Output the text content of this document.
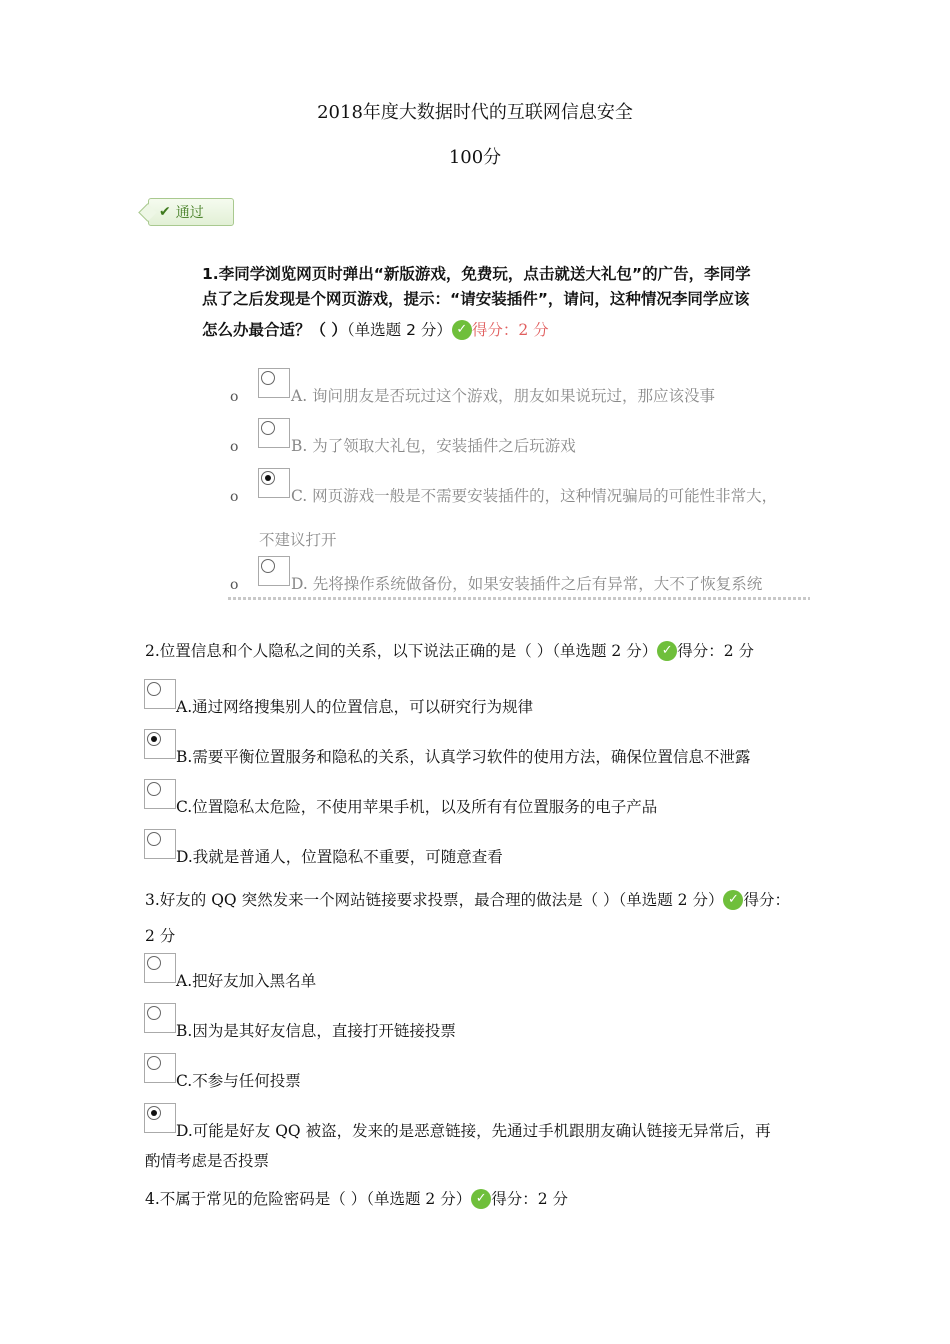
2018年度大数据时代的互联网信息安全
100分
✔ 通过
1.李同学浏览网页时弹出“新版游戏，免费玩，点击就送大礼包”的广告，李同学
点了之后发现是个网页游戏，提示：“请安装插件”，请问，这种情况李同学应该
怎么办最合适？（ ）（单选题 2 分） ✓ 得分：2 分
o	A. 询问朋友是否玩过这个游戏，朋友如果说玩过，那应该没事
o	B. 为了领取大礼包，安装插件之后玩游戏
o	C. 网页游戏一般是不需要安装插件的，这种情况骗局的可能性非常大，
不建议打开
o	D. 先将操作系统做备份，如果安装插件之后有异常，大不了恢复系统
2.位置信息和个人隐私之间的关系，以下说法正确的是（ ）（单选题 2 分） ✓ 得分：2 分
A.通过网络搜集别人的位置信息，可以研究行为规律
B.需要平衡位置服务和隐私的关系，认真学习软件的使用方法，确保位置信息不泄露
C.位置隐私太危险，不使用苹果手机，以及所有有位置服务的电子产品
D.我就是普通人，位置隐私不重要，可随意查看
3.好友的 QQ 突然发来一个网站链接要求投票，最合理的做法是（ ）（单选题 2 分） ✓ 得分：
2 分
A.把好友加入黑名单
B.因为是其好友信息，直接打开链接投票
C.不参与任何投票
D.可能是好友 QQ 被盗，发来的是恶意链接，先通过手机跟朋友确认链接无异常后，再
酌情考虑是否投票
4.不属于常见的危险密码是（ ）（单选题 2 分） ✓ 得分：2 分
